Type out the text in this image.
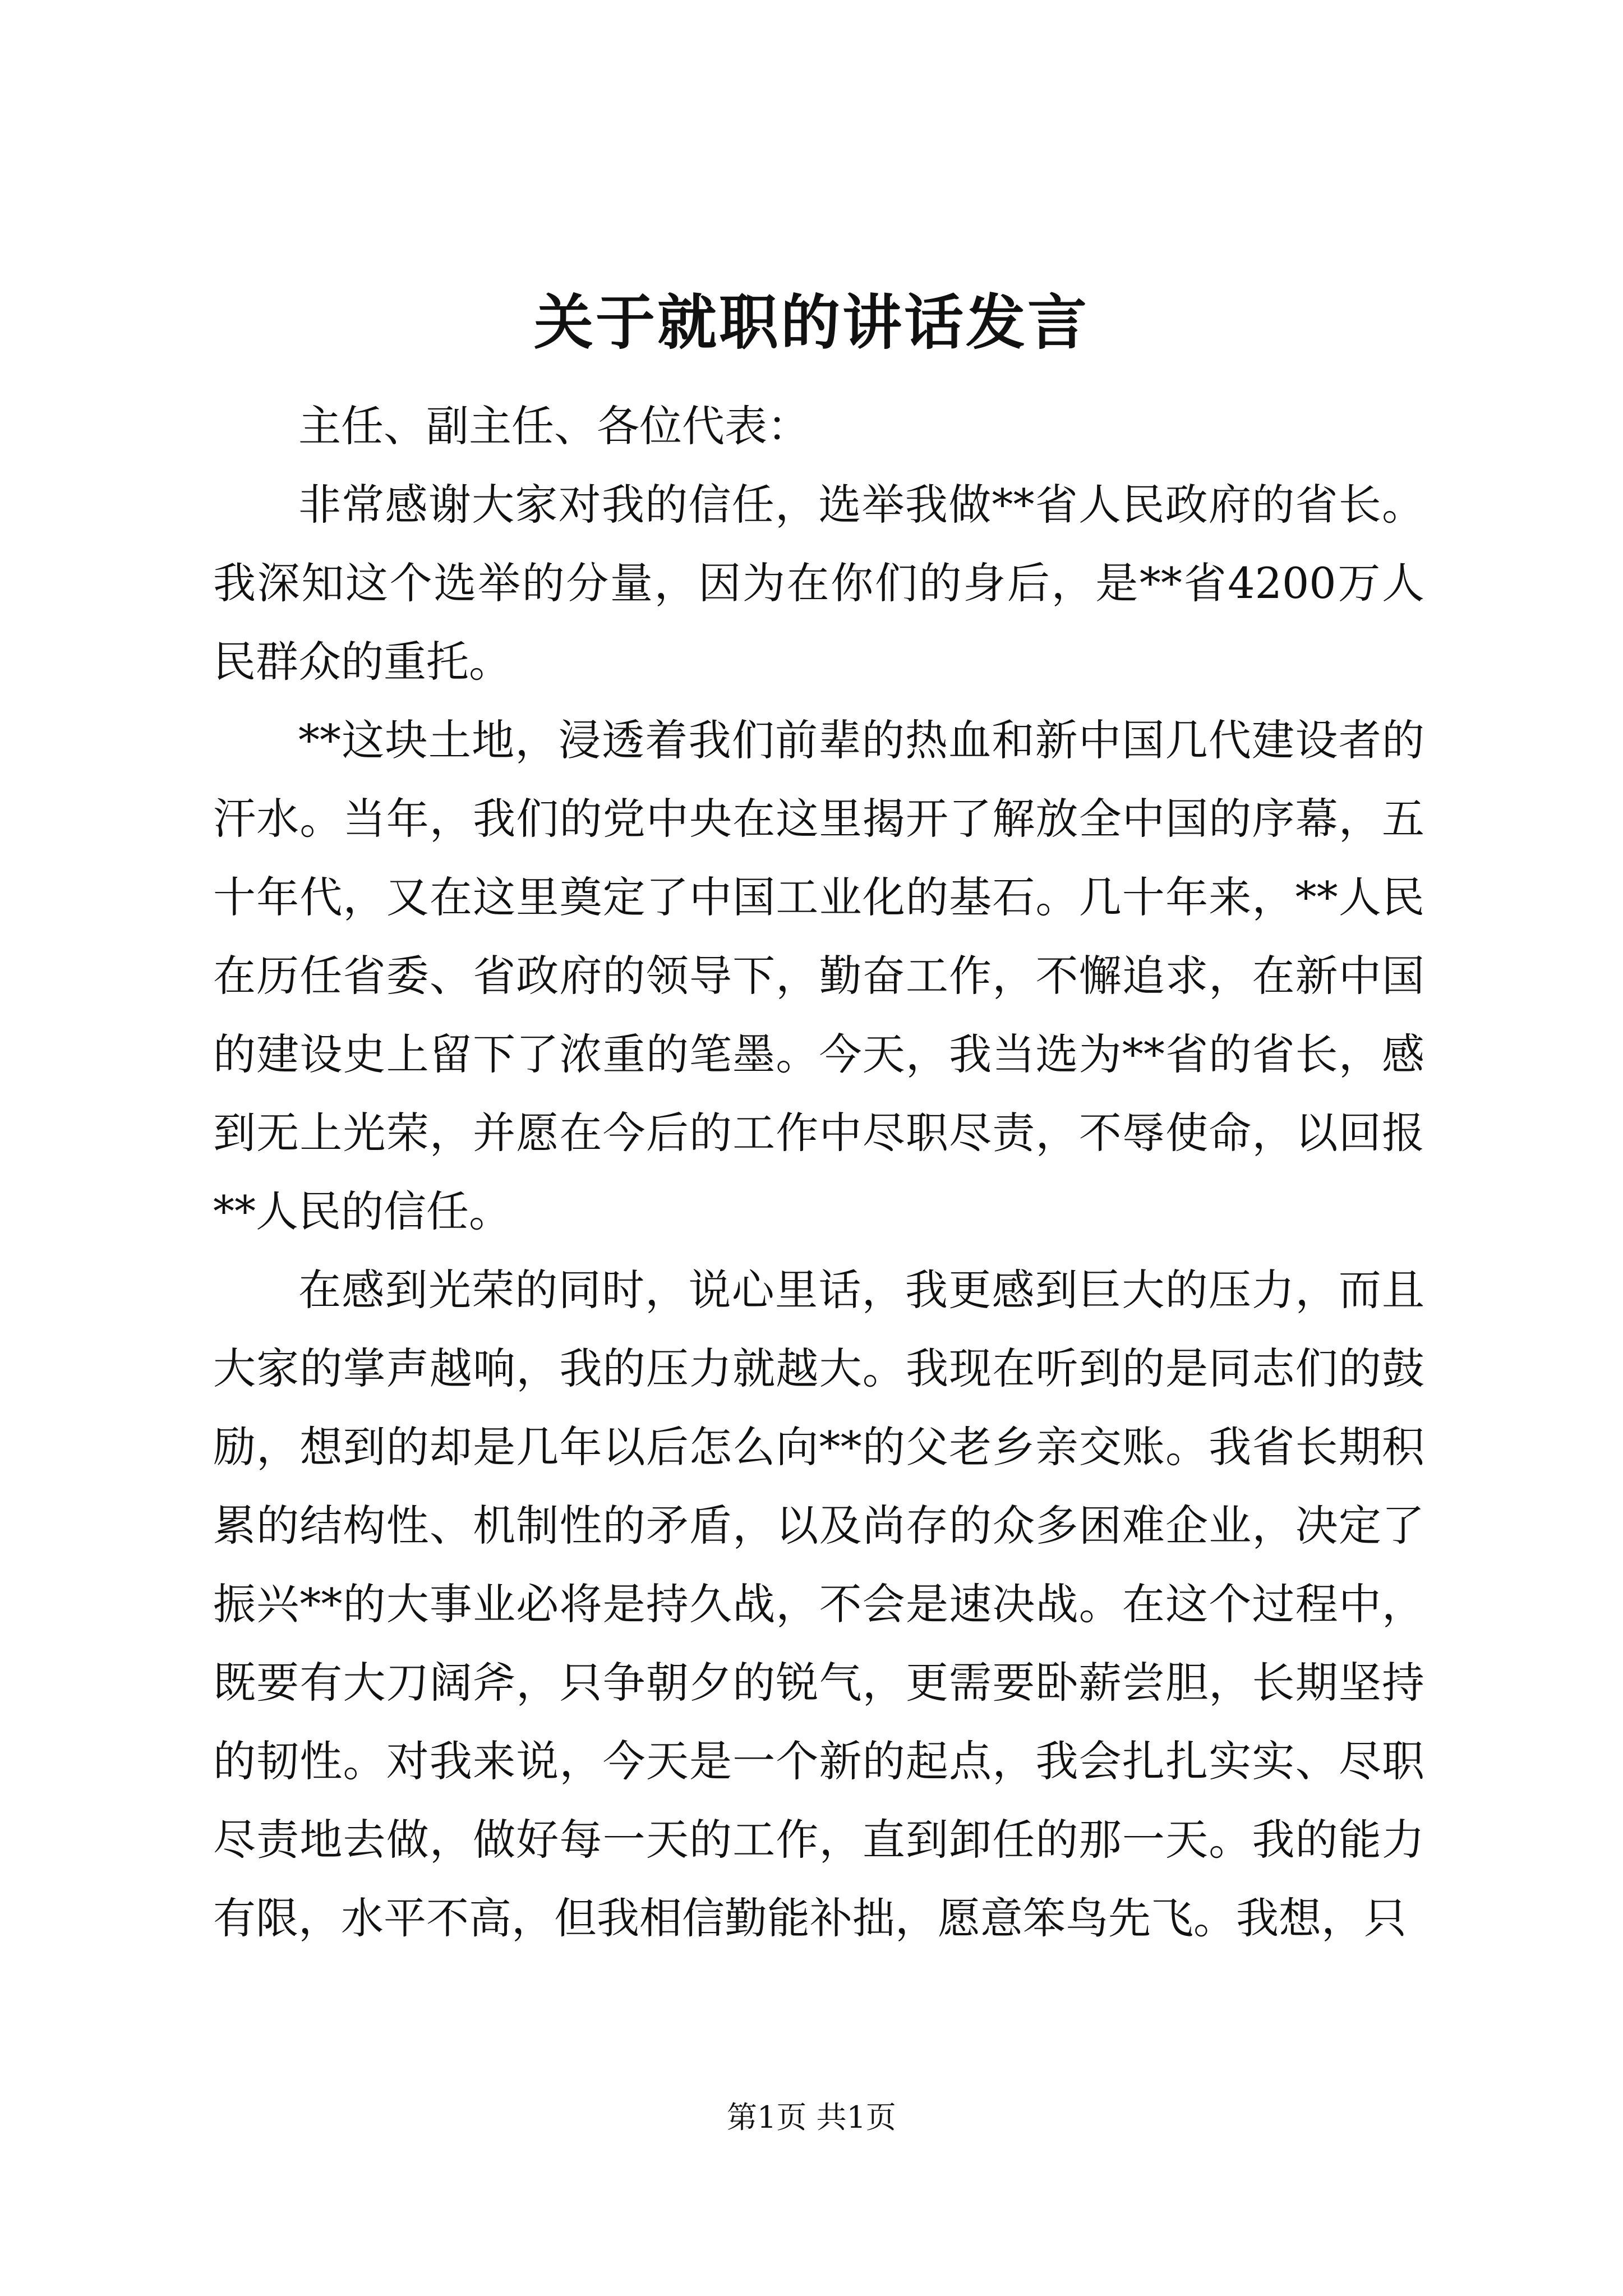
关于就职的讲话发言

主任、副主任、各位代表：

非常感谢大家对我的信任，选举我做**省人民政府的省长。我深知这个选举的分量，因为在你们的身后，是**省4200万人民群众的重托。

**这块土地，浸透着我们前辈的热血和新中国几代建设者的汗水。当年，我们的党中央在这里揭开了解放全中国的序幕，五十年代，又在这里奠定了中国工业化的基石。几十年来，**人民在历任省委、省政府的领导下，勤奋工作，不懈追求，在新中国的建设史上留下了浓重的笔墨。今天，我当选为**省的省长，感到无上光荣，并愿在今后的工作中尽职尽责，不辱使命，以回报**人民的信任。

在感到光荣的同时，说心里话，我更感到巨大的压力，而且大家的掌声越响，我的压力就越大。我现在听到的是同志们的鼓励，想到的却是几年以后怎么向**的父老乡亲交账。我省长期积累的结构性、机制性的矛盾，以及尚存的众多困难企业，决定了振兴**的大事业必将是持久战，不会是速决战。在这个过程中，既要有大刀阔斧，只争朝夕的锐气，更需要卧薪尝胆，长期坚持的韧性。对我来说，今天是一个新的起点，我会扎扎实实、尽职尽责地去做，做好每一天的工作，直到卸任的那一天。我的能力有限，水平不高，但我相信勤能补拙，愿意笨鸟先飞。我想，只

第1页 共1页
